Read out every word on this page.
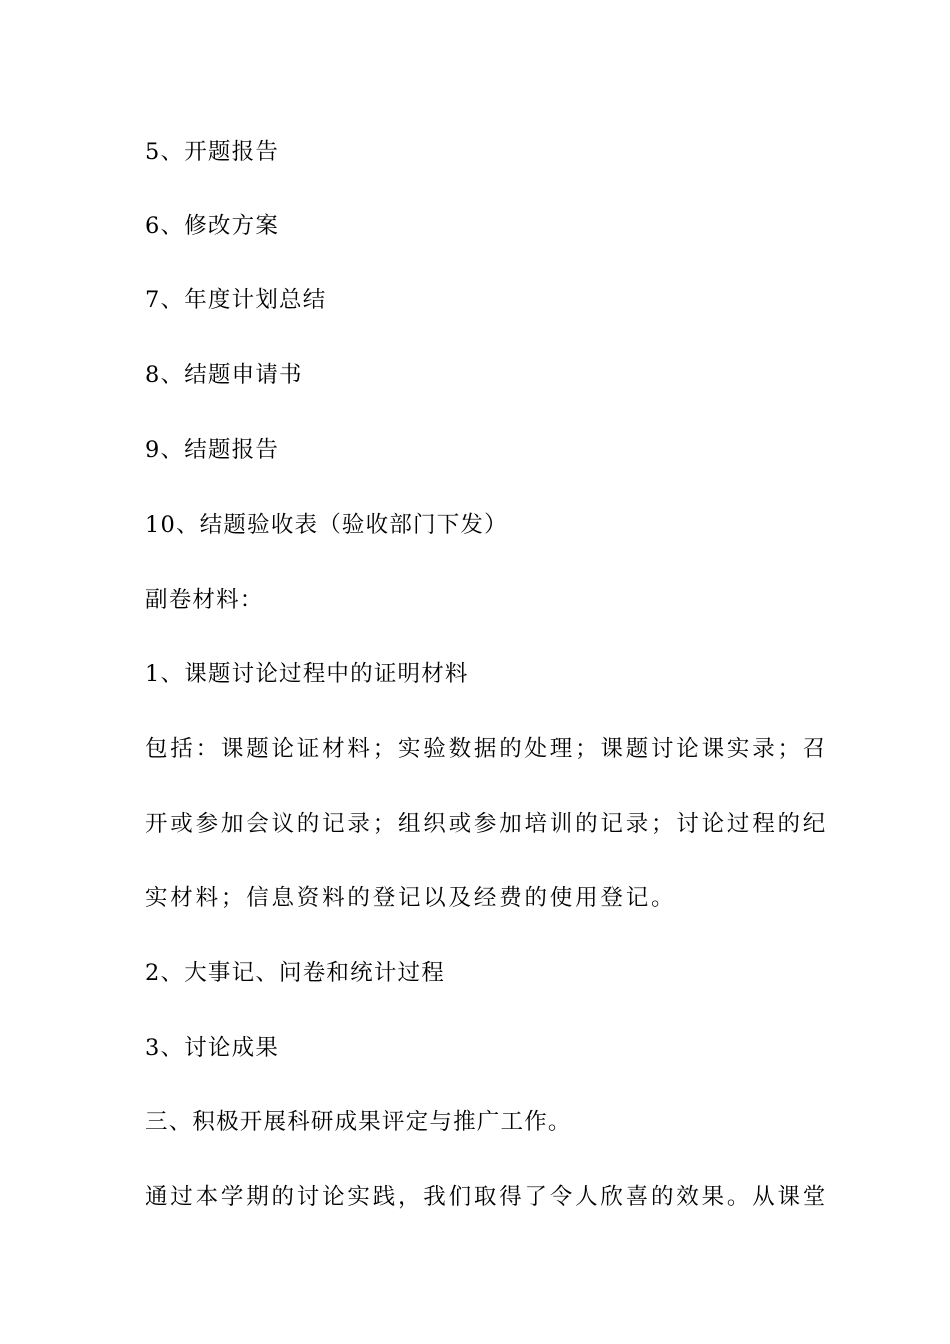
5、开题报告
6、修改方案
7、年度计划总结
8、结题申请书
9、结题报告
10、结题验收表（验收部门下发）
副卷材料：
1、课题讨论过程中的证明材料
包括：课题论证材料；实验数据的处理；课题讨论课实录；召
开或参加会议的记录；组织或参加培训的记录；讨论过程的纪
实材料；信息资料的登记以及经费的使用登记。
2、大事记、问卷和统计过程
3、讨论成果
三、积极开展科研成果评定与推广工作。
通过本学期的讨论实践，我们取得了令人欣喜的效果。从课堂
